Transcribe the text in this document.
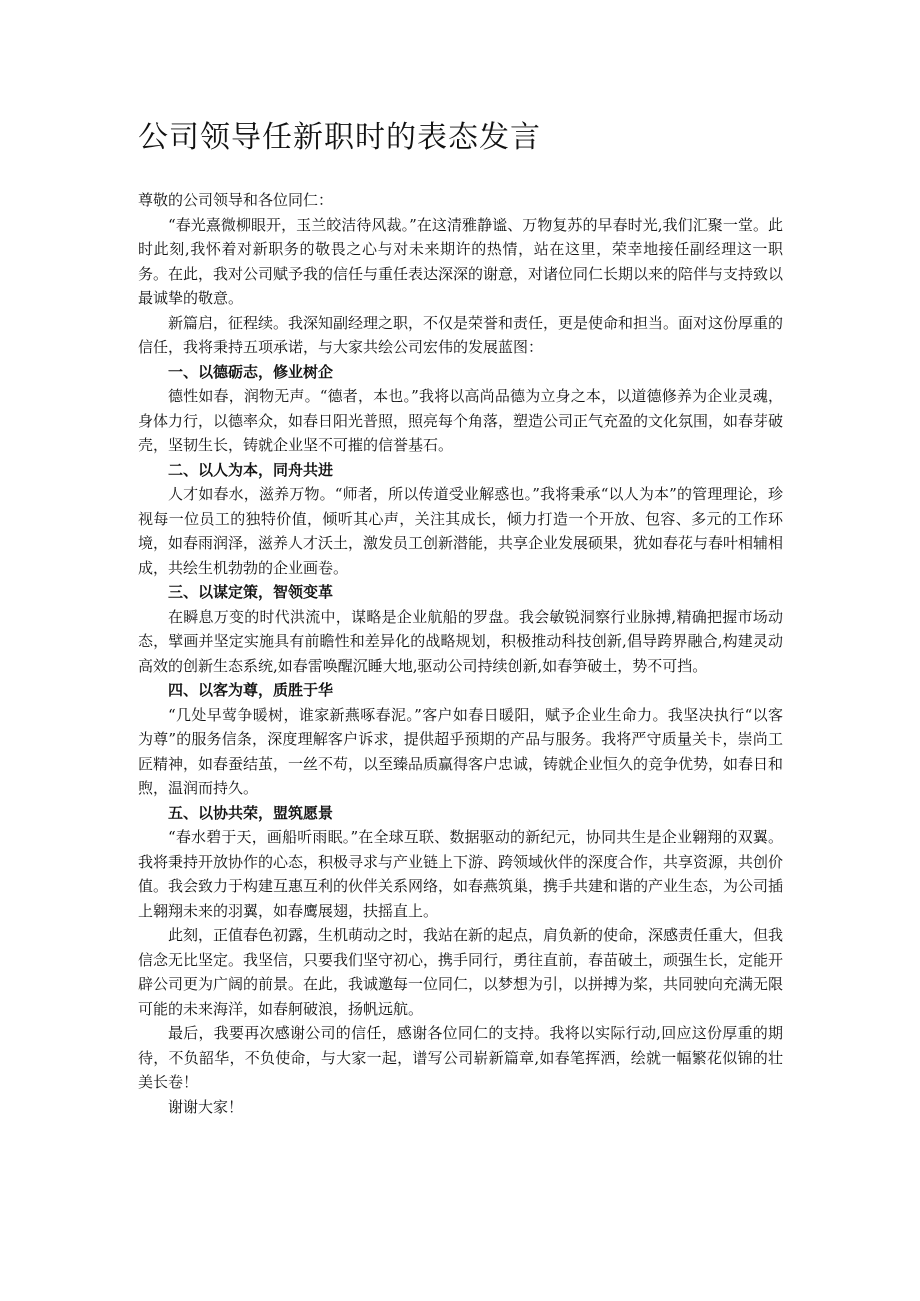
公司领导任新职时的表态发言

尊敬的公司领导和各位同仁：

“春光熹微柳眼开，玉兰皎洁待风裁。”在这清雅静谧、万物复苏的早春时光,我们汇聚一堂。此时此刻,我怀着对新职务的敬畏之心与对未来期许的热情，站在这里，荣幸地接任副经理这一职务。在此，我对公司赋予我的信任与重任表达深深的谢意，对诸位同仁长期以来的陪伴与支持致以最诚挚的敬意。

新篇启，征程续。我深知副经理之职，不仅是荣誉和责任，更是使命和担当。面对这份厚重的信任，我将秉持五项承诺，与大家共绘公司宏伟的发展蓝图：

一、以德砺志，修业树企

德性如春，润物无声。“德者，本也。”我将以高尚品德为立身之本，以道德修养为企业灵魂，身体力行，以德率众，如春日阳光普照，照亮每个角落，塑造公司正气充盈的文化氛围，如春芽破壳，坚韧生长，铸就企业坚不可摧的信誉基石。

二、以人为本，同舟共进

人才如春水，滋养万物。“师者，所以传道受业解惑也。”我将秉承“以人为本”的管理理论，珍视每一位员工的独特价值，倾听其心声，关注其成长，倾力打造一个开放、包容、多元的工作环境，如春雨润泽，滋养人才沃土，激发员工创新潜能，共享企业发展硕果，犹如春花与春叶相辅相成，共绘生机勃勃的企业画卷。

三、以谋定策，智领变革

在瞬息万变的时代洪流中，谋略是企业航船的罗盘。我会敏锐洞察行业脉搏,精确把握市场动态，擘画并坚定实施具有前瞻性和差异化的战略规划，积极推动科技创新,倡导跨界融合,构建灵动高效的创新生态系统,如春雷唤醒沉睡大地,驱动公司持续创新,如春笋破土，势不可挡。

四、以客为尊，质胜于华

“几处早莺争暖树，谁家新燕啄春泥。”客户如春日暖阳，赋予企业生命力。我坚决执行“以客为尊”的服务信条，深度理解客户诉求，提供超乎预期的产品与服务。我将严守质量关卡，崇尚工匠精神，如春蚕结茧，一丝不苟，以至臻品质赢得客户忠诚，铸就企业恒久的竞争优势，如春日和煦，温润而持久。

五、以协共荣，盟筑愿景

“春水碧于天，画船听雨眠。”在全球互联、数据驱动的新纪元，协同共生是企业翱翔的双翼。我将秉持开放协作的心态，积极寻求与产业链上下游、跨领域伙伴的深度合作，共享资源，共创价值。我会致力于构建互惠互利的伙伴关系网络，如春燕筑巢，携手共建和谐的产业生态，为公司插上翱翔未来的羽翼，如春鹰展翅，扶摇直上。

此刻，正值春色初露，生机萌动之时，我站在新的起点，肩负新的使命，深感责任重大，但我信念无比坚定。我坚信，只要我们坚守初心，携手同行，勇往直前，春苗破土，顽强生长，定能开辟公司更为广阔的前景。在此，我诚邀每一位同仁，以梦想为引，以拼搏为桨，共同驶向充满无限可能的未来海洋，如春舸破浪，扬帆远航。

最后，我要再次感谢公司的信任，感谢各位同仁的支持。我将以实际行动,回应这份厚重的期待，不负韶华，不负使命，与大家一起，谱写公司崭新篇章,如春笔挥洒，绘就一幅繁花似锦的壮美长卷！

谢谢大家！
